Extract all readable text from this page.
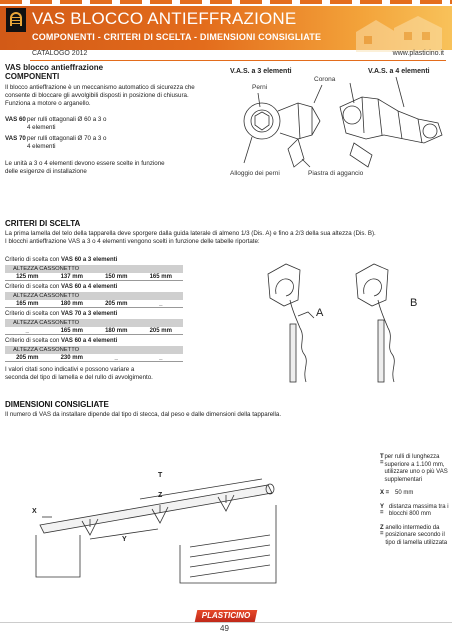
VAS BLOCCO ANTIEFFRAZIONE
COMPONENTI - CRITERI DI SCELTA - DIMENSIONI CONSIGLIATE
CATALOGO 2012	www.plasticino.it
VAS blocco antieffrazione
COMPONENTI
Il blocco antieffrazione è un meccanismo automatico di sicurezza che consente di bloccare gli avvolgibili disposti in posizione di chiusura. Funziona a motore o arganello.
VAS 60 per rulli ottagonali Ø 60 a 3 o 4 elementi
VAS 70 per rulli ottagonali Ø 70 a 3 o 4 elementi
Le unità a 3 o 4 elementi devono essere scelte in funzione delle esigenze di installazione
V.A.S. a 3 elementi	V.A.S. a 4 elementi
Perni
Corona
Alloggio dei perni	Piastra di aggancio
CRITERI DI SCELTA
La prima lamella del telo della tapparella deve sporgere dalla guida laterale di almeno 1/3 (Dis. A) e fino a 2/3 della sua altezza (Dis. B).
I blocchi antieffrazione VAS a 3 o 4 elementi vengono scelti in funzione delle tabelle riportate:
Criterio di scelta con VAS 60 a 3 elementi
ALTEZZA CASSONETTO
125 mm	137 mm	150 mm	165 mm
Criterio di scelta con VAS 60 a 4 elementi
ALTEZZA CASSONETTO
165 mm	180 mm	205 mm	_
Criterio di scelta con VAS 70 a 3 elementi
ALTEZZA CASSONETTO
_	165 mm	180 mm	205 mm
Criterio di scelta con VAS 60 a 4 elementi
ALTEZZA CASSONETTO
205 mm	230 mm	_	_
I valori citati sono indicativi e possono variare a seconda del tipo di lamella e del rullo di avvolgimento.
A
B
DIMENSIONI CONSIGLIATE
Il numero di VAS da installare dipende dal tipo di stecca, dal peso e dalle dimensioni della tapparella.
T
Z
Y
X
T =
per rulli di lunghezza superiore a 1.100 mm, utilizzare uno o più VAS supplementari
X = 50 mm
Y =
distanza massima tra i blocchi 800 mm
Z =
anello intermedio da posizionare secondo il tipo di lamella utilizzata
PLASTICINO
49
